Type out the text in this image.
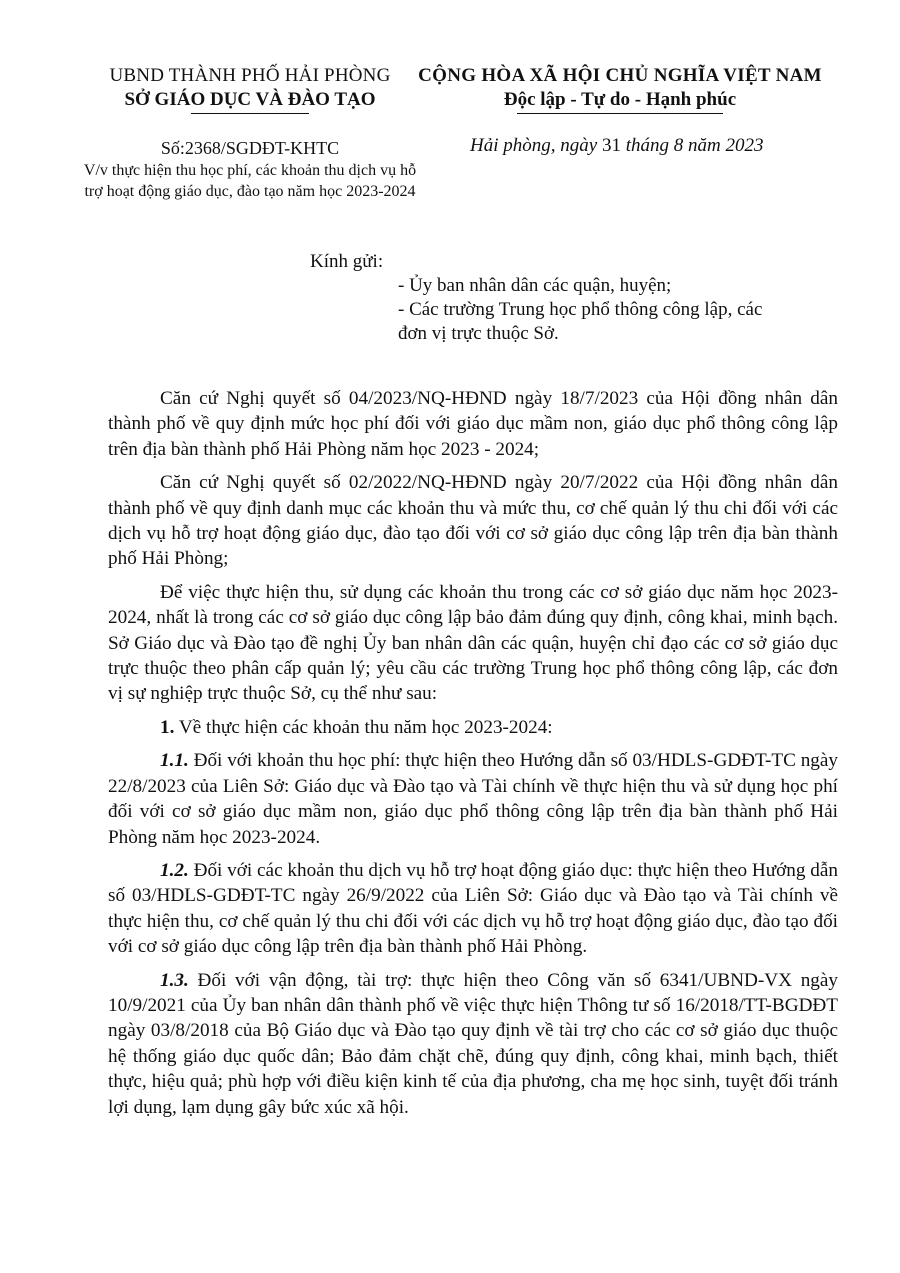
UBND THÀNH PHỐ HẢI PHÒNG
SỞ GIÁO DỤC VÀ ĐÀO TẠO
CỘNG HÒA XÃ HỘI CHỦ NGHĨA VIỆT NAM
Độc lập - Tự do - Hạnh phúc
Số:2368/SGDĐT-KHTC
V/v thực hiện thu học phí, các khoản thu dịch vụ hỗ trợ hoạt động giáo dục, đào tạo năm học 2023-2024
Hải phòng, ngày 31 tháng 8 năm 2023
Kính gửi:
- Ủy ban nhân dân các quận, huyện;
- Các trường Trung học phổ thông công lập, các đơn vị trực thuộc Sở.

Căn cứ Nghị quyết số 04/2023/NQ-HĐND ngày 18/7/2023 của Hội đồng nhân dân thành phố về quy định mức học phí đối với giáo dục mầm non, giáo dục phổ thông công lập trên địa bàn thành phố Hải Phòng năm học 2023 - 2024;

Căn cứ Nghị quyết số 02/2022/NQ-HĐND ngày 20/7/2022 của Hội đồng nhân dân thành phố về quy định danh mục các khoản thu và mức thu, cơ chế quản lý thu chi đối với các dịch vụ hỗ trợ hoạt động giáo dục, đào tạo đối với cơ sở giáo dục công lập trên địa bàn thành phố Hải Phòng;

Để việc thực hiện thu, sử dụng các khoản thu trong các cơ sở giáo dục năm học 2023-2024, nhất là trong các cơ sở giáo dục công lập bảo đảm đúng quy định, công khai, minh bạch. Sở Giáo dục và Đào tạo đề nghị Ủy ban nhân dân các quận, huyện chỉ đạo các cơ sở giáo dục trực thuộc theo phân cấp quản lý; yêu cầu các trường Trung học phổ thông công lập, các đơn vị sự nghiệp trực thuộc Sở, cụ thể như sau:

1. Về thực hiện các khoản thu năm học 2023-2024:

1.1. Đối với khoản thu học phí: thực hiện theo Hướng dẫn số 03/HDLS-GDĐT-TC ngày 22/8/2023 của Liên Sở: Giáo dục và Đào tạo và Tài chính về thực hiện thu và sử dụng học phí đối với cơ sở giáo dục mầm non, giáo dục phổ thông công lập trên địa bàn thành phố Hải Phòng năm học 2023-2024.

1.2. Đối với các khoản thu dịch vụ hỗ trợ hoạt động giáo dục: thực hiện theo Hướng dẫn số 03/HDLS-GDĐT-TC ngày 26/9/2022 của Liên Sở: Giáo dục và Đào tạo và Tài chính về thực hiện thu, cơ chế quản lý thu chi đối với các dịch vụ hỗ trợ hoạt động giáo dục, đào tạo đối với cơ sở giáo dục công lập trên địa bàn thành phố Hải Phòng.

1.3. Đối với vận động, tài trợ: thực hiện theo Công văn số 6341/UBND-VX ngày 10/9/2021 của Ủy ban nhân dân thành phố về việc thực hiện Thông tư số 16/2018/TT-BGDĐT ngày 03/8/2018 của Bộ Giáo dục và Đào tạo quy định về tài trợ cho các cơ sở giáo dục thuộc hệ thống giáo dục quốc dân; Bảo đảm chặt chẽ, đúng quy định, công khai, minh bạch, thiết thực, hiệu quả; phù hợp với điều kiện kinh tế của địa phương, cha mẹ học sinh, tuyệt đối tránh lợi dụng, lạm dụng gây bức xúc xã hội.
